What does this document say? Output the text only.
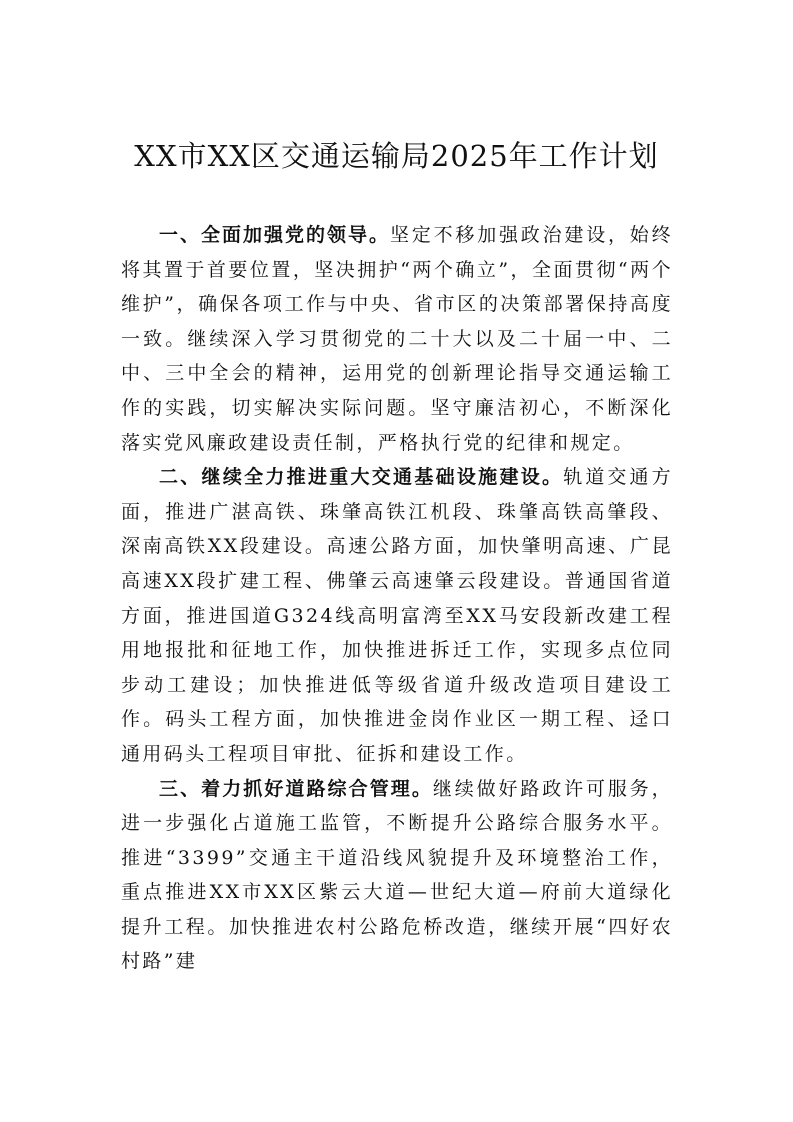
XX市XX区交通运输局2025年工作计划

一、全面加强党的领导。坚定不移加强政治建设，始终将其置于首要位置，坚决拥护“两个确立”，全面贯彻“两个维护”，确保各项工作与中央、省市区的决策部署保持高度一致。继续深入学习贯彻党的二十大以及二十届一中、二中、三中全会的精神，运用党的创新理论指导交通运输工作的实践，切实解决实际问题。坚守廉洁初心，不断深化落实党风廉政建设责任制，严格执行党的纪律和规定。

二、继续全力推进重大交通基础设施建设。轨道交通方面，推进广湛高铁、珠肇高铁江机段、珠肇高铁高肇段、深南高铁XX段建设。高速公路方面，加快肇明高速、广昆高速XX段扩建工程、佛肇云高速肇云段建设。普通国省道方面，推进国道G324线高明富湾至XX马安段新改建工程用地报批和征地工作，加快推进拆迁工作，实现多点位同步动工建设；加快推进低等级省道升级改造项目建设工作。码头工程方面，加快推进金岗作业区一期工程、迳口通用码头工程项目审批、征拆和建设工作。

三、着力抓好道路综合管理。继续做好路政许可服务，进一步强化占道施工监管，不断提升公路综合服务水平。推进“3399”交通主干道沿线风貌提升及环境整治工作，重点推进XX市XX区紫云大道—世纪大道—府前大道绿化提升工程。加快推进农村公路危桥改造，继续开展“四好农村路”建
